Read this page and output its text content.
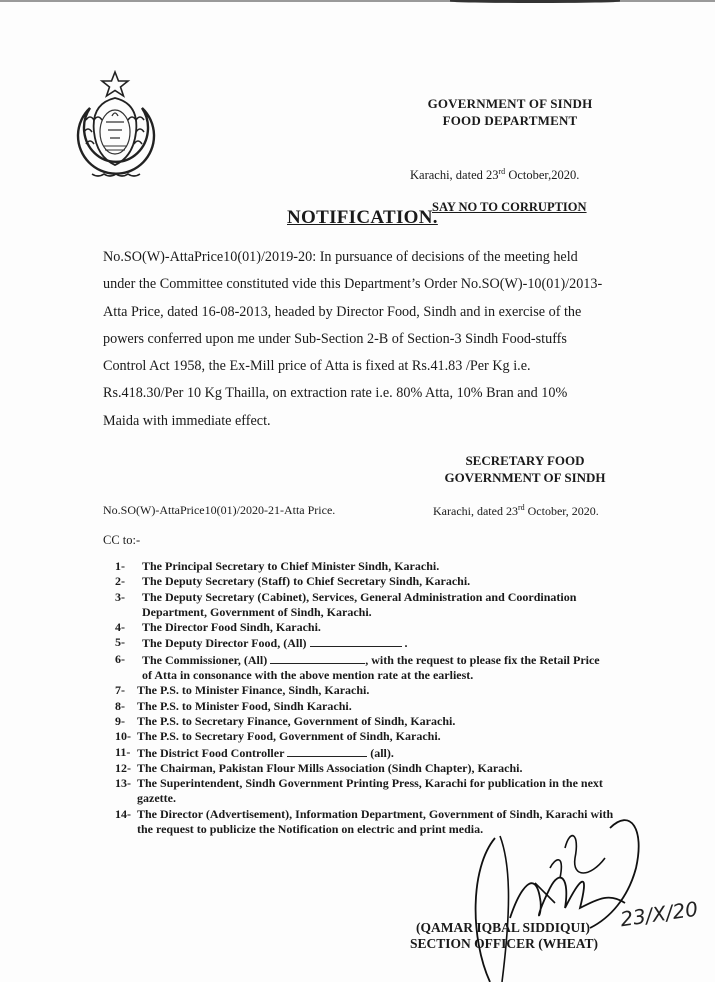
GOVERNMENT OF SINDH
FOOD DEPARTMENT
Karachi, dated 23rd October,2020.
SAY NO TO CORRUPTION
NOTIFICATION.

No.SO(W)-AttaPrice10(01)/2019-20: In pursuance of decisions of the meeting held

under the Committee constituted vide this Department’s Order No.SO(W)-10(01)/2013-

Atta Price, dated 16-08-2013, headed by Director Food, Sindh and in exercise of the

powers conferred upon me under Sub-Section 2-B of Section-3 Sindh Food-stuffs

Control Act 1958, the Ex-Mill price of Atta is fixed at Rs.41.83 /Per Kg i.e.

Rs.418.30/Per 10 Kg Thailla, on extraction rate i.e. 80% Atta, 10% Bran and 10%

Maida with immediate effect.

SECRETARY FOOD
GOVERNMENT OF SINDH
No.SO(W)-AttaPrice10(01)/2020-21-Atta Price.	Karachi, dated 23rd October, 2020.
CC to:-
1-	The Principal Secretary to Chief Minister Sindh, Karachi.
2-	The Deputy Secretary (Staff) to Chief Secretary Sindh, Karachi.
3-	The Deputy Secretary (Cabinet), Services, General Administration and Coordination
Department, Government of Sindh, Karachi.
4-	The Director Food Sindh, Karachi.
5-	The Deputy Director Food, (All)	.
6-	The Commissioner, (All)	, with the request to please fix the Retail Price
of Atta in consonance with the above mention rate at the earliest.
7-	The P.S. to Minister Finance, Sindh, Karachi.
8-	The P.S. to Minister Food, Sindh Karachi.
9-	The P.S. to Secretary Finance, Government of Sindh, Karachi.
10- The P.S. to Secretary Food, Government of Sindh, Karachi.
11- The District Food Controller	(all).
12- The Chairman, Pakistan Flour Mills Association (Sindh Chapter), Karachi.
13- The Superintendent, Sindh Government Printing Press, Karachi for publication in the next
gazette.
14- The Director (Advertisement), Information Department, Government of Sindh, Karachi with
the request to publicize the Notification on electric and print media.
23/X/20
(QAMAR IQBAL SIDDIQUI)
SECTION OFFICER (WHEAT)
